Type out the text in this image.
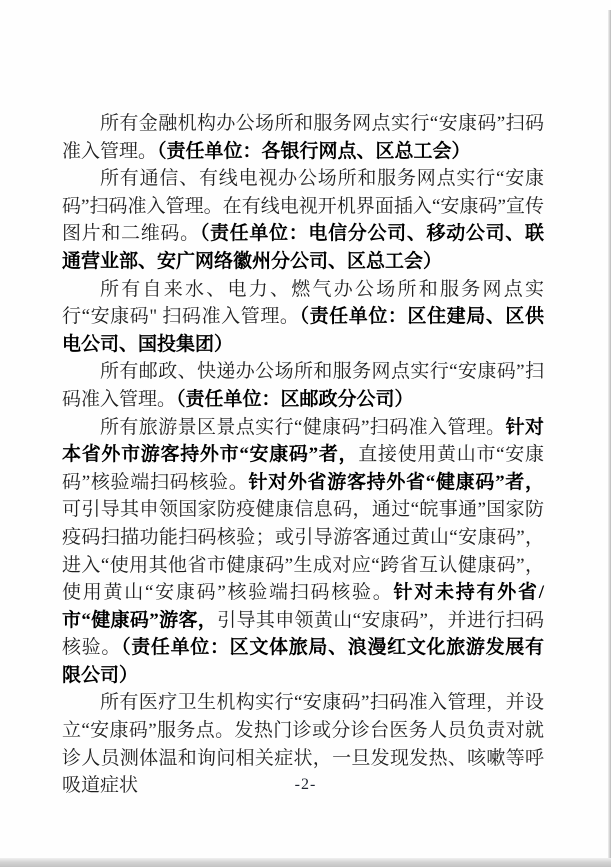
所有金融机构办公场所和服务网点实行“安康码”扫码准入管理。（责任单位：各银行网点、区总工会）

所有通信、有线电视办公场所和服务网点实行“安康码”扫码准入管理。在有线电视开机界面插入“安康码”宣传图片和二维码。（责任单位：电信分公司、移动公司、联通营业部、安广网络徽州分公司、区总工会）

所有自来水、电力、燃气办公场所和服务网点实行“安康码" 扫码准入管理。（责任单位：区住建局、区供电公司、国投集团）

所有邮政、快递办公场所和服务网点实行“安康码”扫码准入管理。（责任单位：区邮政分公司）

所有旅游景区景点实行“健康码”扫码准入管理。针对本省外市游客持外市“安康码”者，直接使用黄山市“安康码”核验端扫码核验。针对外省游客持外省“健康码”者，可引导其申领国家防疫健康信息码，通过“皖事通”国家防疫码扫描功能扫码核验；或引导游客通过黄山“安康码”，进入“使用其他省市健康码”生成对应“跨省互认健康码”，使用黄山“安康码”核验端扫码核验。针对未持有外省/市“健康码”游客，引导其申领黄山“安康码”，并进行扫码核验。（责任单位：区文体旅局、浪漫红文化旅游发展有限公司）

所有医疗卫生机构实行“安康码”扫码准入管理，并设立“安康码”服务点。发热门诊或分诊台医务人员负责对就诊人员测体温和询问相关症状，一旦发现发热、咳嗽等呼吸道症状	-2-
